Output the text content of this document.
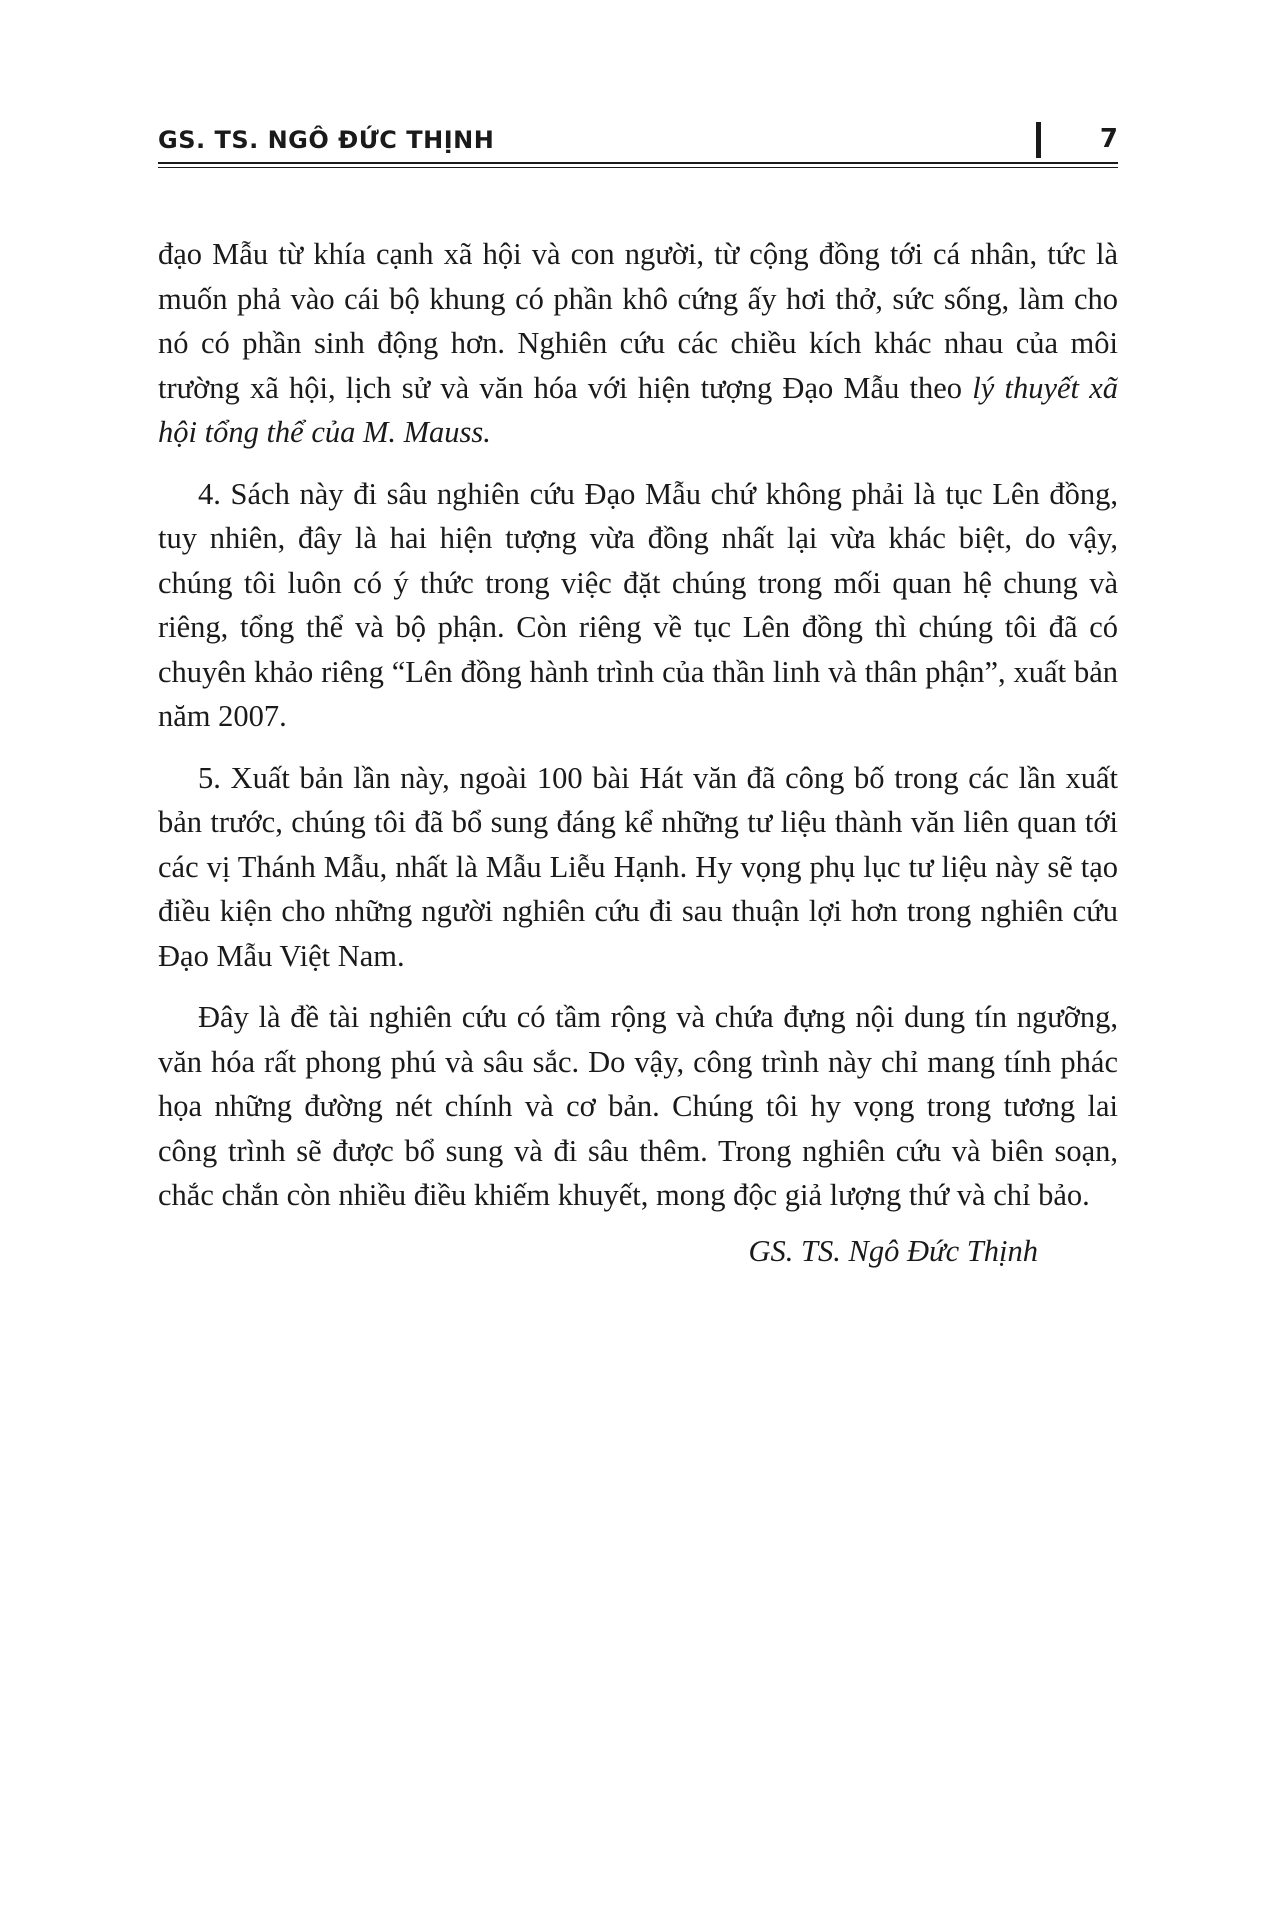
GS. TS. NGÔ ĐỨC THỊNH	7

đạo Mẫu từ khía cạnh xã hội và con người, từ cộng đồng tới cá nhân, tức là muốn phả vào cái bộ khung có phần khô cứng ấy hơi thở, sức sống, làm cho nó có phần sinh động hơn. Nghiên cứu các chiều kích khác nhau của môi trường xã hội, lịch sử và văn hóa với hiện tượng Đạo Mẫu theo lý thuyết xã hội tổng thể của M. Mauss.

4. Sách này đi sâu nghiên cứu Đạo Mẫu chứ không phải là tục Lên đồng, tuy nhiên, đây là hai hiện tượng vừa đồng nhất lại vừa khác biệt, do vậy, chúng tôi luôn có ý thức trong việc đặt chúng trong mối quan hệ chung và riêng, tổng thể và bộ phận. Còn riêng về tục Lên đồng thì chúng tôi đã có chuyên khảo riêng “Lên đồng hành trình của thần linh và thân phận”, xuất bản năm 2007.

5. Xuất bản lần này, ngoài 100 bài Hát văn đã công bố trong các lần xuất bản trước, chúng tôi đã bổ sung đáng kể những tư liệu thành văn liên quan tới các vị Thánh Mẫu, nhất là Mẫu Liễu Hạnh. Hy vọng phụ lục tư liệu này sẽ tạo điều kiện cho những người nghiên cứu đi sau thuận lợi hơn trong nghiên cứu Đạo Mẫu Việt Nam.

Đây là đề tài nghiên cứu có tầm rộng và chứa đựng nội dung tín ngưỡng, văn hóa rất phong phú và sâu sắc. Do vậy, công trình này chỉ mang tính phác họa những đường nét chính và cơ bản. Chúng tôi hy vọng trong tương lai công trình sẽ được bổ sung và đi sâu thêm. Trong nghiên cứu và biên soạn, chắc chắn còn nhiều điều khiếm khuyết, mong độc giả lượng thứ và chỉ bảo.

GS. TS. Ngô Đức Thịnh
